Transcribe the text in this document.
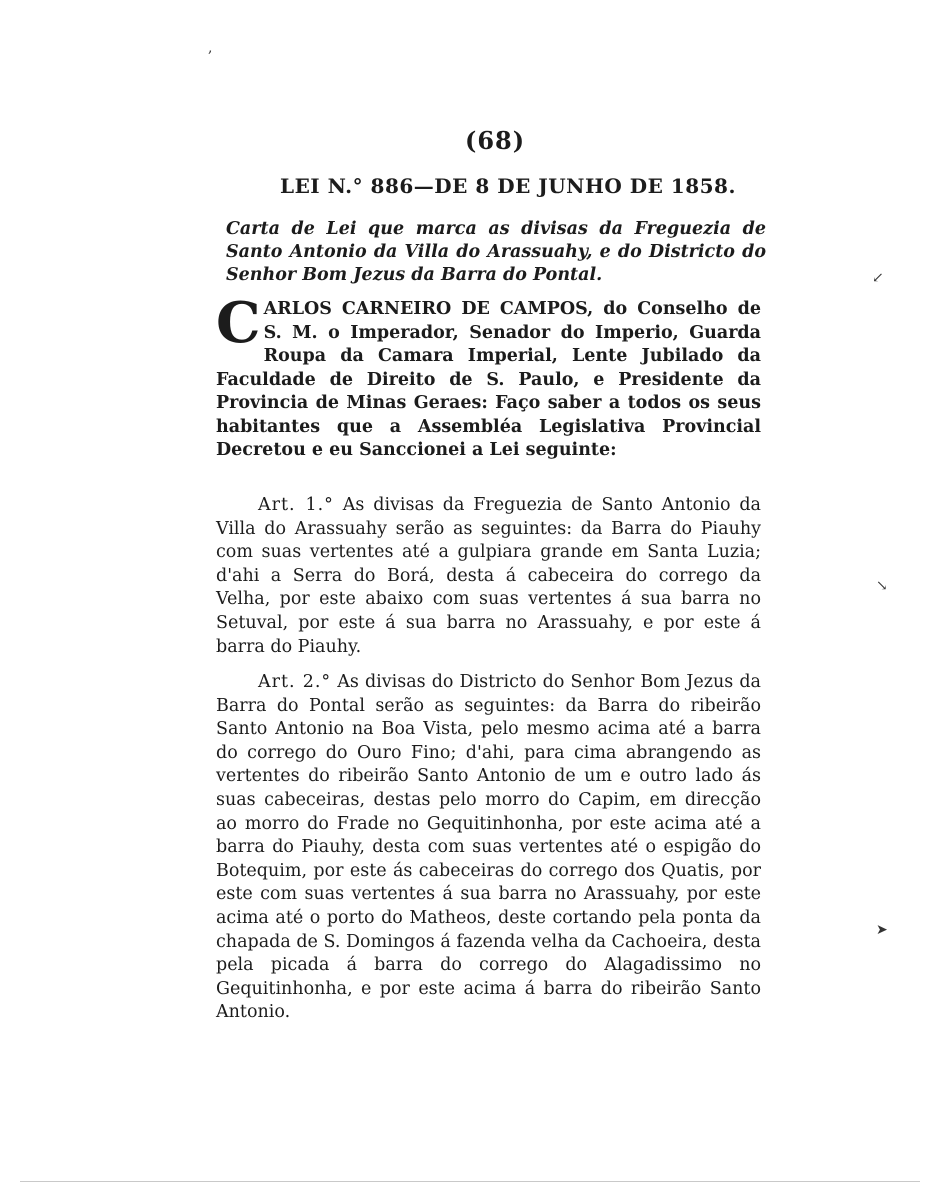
(68)
LEI N.° 886—DE 8 DE JUNHO DE 1858.
Carta de Lei que marca as divisas da Freguezia de Santo Antonio da Villa do Arassuahy, e do Districto do Senhor Bom Jezus da Barra do Pontal.
CARLOS CARNEIRO DE CAMPOS, do Conselho de S. M. o Imperador, Senador do Imperio, Guarda Roupa da Camara Imperial, Lente Jubilado da Faculdade de Direito de S. Paulo, e Presidente da Provincia de Minas Geraes: Faço saber a todos os seus habitantes que a Assembléa Legislativa Provincial Decretou e eu Sanccionei a Lei seguinte:
Art. 1.° As divisas da Freguezia de Santo Antonio da Villa do Arassuahy serão as seguintes: da Barra do Piauhy com suas vertentes até a gulpiara grande em Santa Luzia; d'ahi a Serra do Borá, desta á cabeceira do corrego da Velha, por este abaixo com suas vertentes á sua barra no Setuval, por este á sua barra no Arassuahy, e por este á barra do Piauhy.
Art. 2.° As divisas do Districto do Senhor Bom Jezus da Barra do Pontal serão as seguintes: da Barra do ribeirão Santo Antonio na Boa Vista, pelo mesmo acima até a barra do corrego do Ouro Fino; d'ahi, para cima abrangendo as vertentes do ribeirão Santo Antonio de um e outro lado ás suas cabeceiras, destas pelo morro do Capim, em direcção ao morro do Frade no Gequitinhonha, por este acima até a barra do Piauhy, desta com suas vertentes até o espigão do Botequim, por este ás cabeceiras do corrego dos Quatis, por este com suas vertentes á sua barra no Arassuahy, por este acima até o porto do Matheos, deste cortando pela ponta da chapada de S. Domingos á fazenda velha da Cachoeira, desta pela picada á barra do corrego do Alagadissimo no Gequitinhonha, e por este acima á barra do ribeirão Santo Antonio.
,
↙
↘
➤
